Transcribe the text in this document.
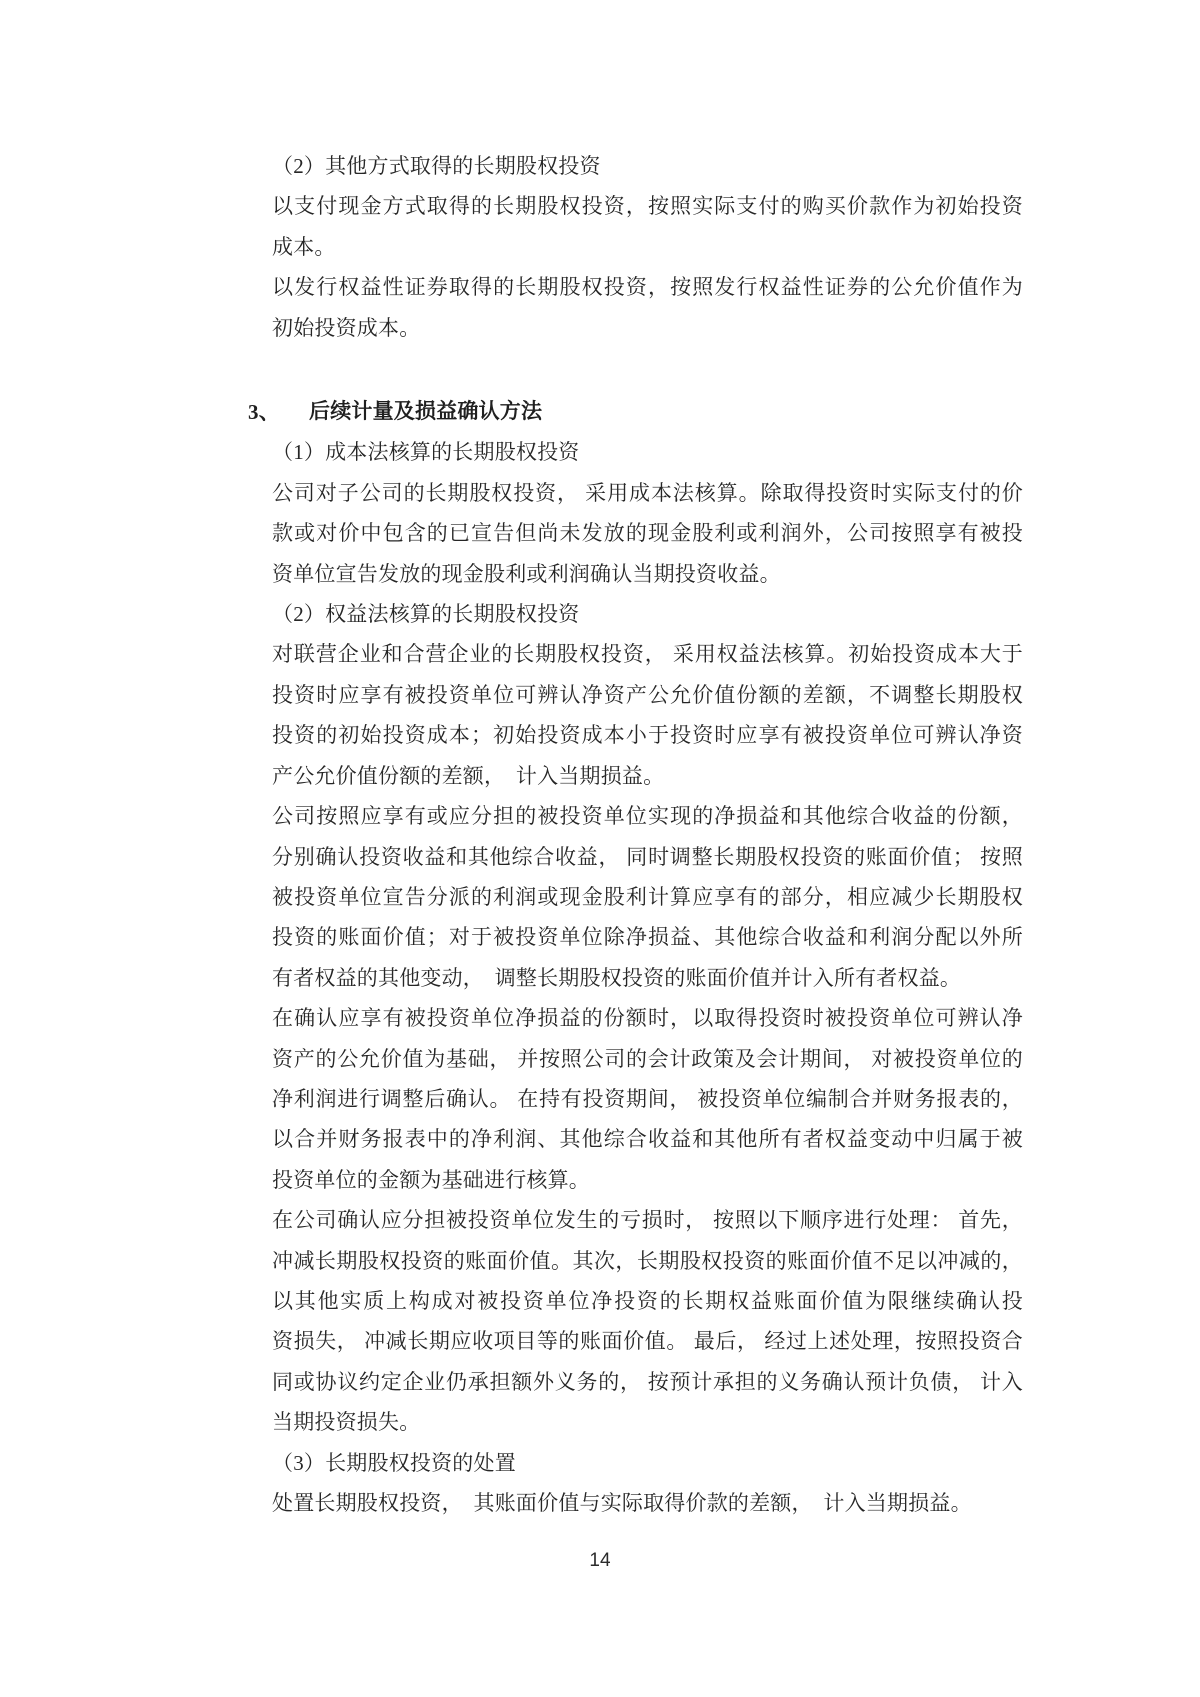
（2）其他方式取得的长期股权投资
以支付现金方式取得的长期股权投资，按照实际支付的购买价款作为初始投资
成本。
以发行权益性证券取得的长期股权投资，按照发行权益性证券的公允价值作为
初始投资成本。
3、	后续计量及损益确认方法
（1）成本法核算的长期股权投资
公司对子公司的长期股权投资， 采用成本法核算。除取得投资时实际支付的价
款或对价中包含的已宣告但尚未发放的现金股利或利润外，公司按照享有被投
资单位宣告发放的现金股利或利润确认当期投资收益。
（2）权益法核算的长期股权投资
对联营企业和合营企业的长期股权投资， 采用权益法核算。初始投资成本大于
投资时应享有被投资单位可辨认净资产公允价值份额的差额，不调整长期股权
投资的初始投资成本；初始投资成本小于投资时应享有被投资单位可辨认净资
产公允价值份额的差额，　计入当期损益。
公司按照应享有或应分担的被投资单位实现的净损益和其他综合收益的份额，
分别确认投资收益和其他综合收益， 同时调整长期股权投资的账面价值； 按照
被投资单位宣告分派的利润或现金股利计算应享有的部分，相应减少长期股权
投资的账面价值；对于被投资单位除净损益、其他综合收益和利润分配以外所
有者权益的其他变动，　调整长期股权投资的账面价值并计入所有者权益。
在确认应享有被投资单位净损益的份额时，以取得投资时被投资单位可辨认净
资产的公允价值为基础， 并按照公司的会计政策及会计期间， 对被投资单位的
净利润进行调整后确认。 在持有投资期间， 被投资单位编制合并财务报表的，
以合并财务报表中的净利润、其他综合收益和其他所有者权益变动中归属于被
投资单位的金额为基础进行核算。
在公司确认应分担被投资单位发生的亏损时， 按照以下顺序进行处理： 首先，
冲减长期股权投资的账面价值。其次，长期股权投资的账面价值不足以冲减的，
以其他实质上构成对被投资单位净投资的长期权益账面价值为限继续确认投
资损失， 冲减长期应收项目等的账面价值。 最后， 经过上述处理，按照投资合
同或协议约定企业仍承担额外义务的， 按预计承担的义务确认预计负债， 计入
当期投资损失。
（3）长期股权投资的处置
处置长期股权投资，　其账面价值与实际取得价款的差额，　计入当期损益。
14
